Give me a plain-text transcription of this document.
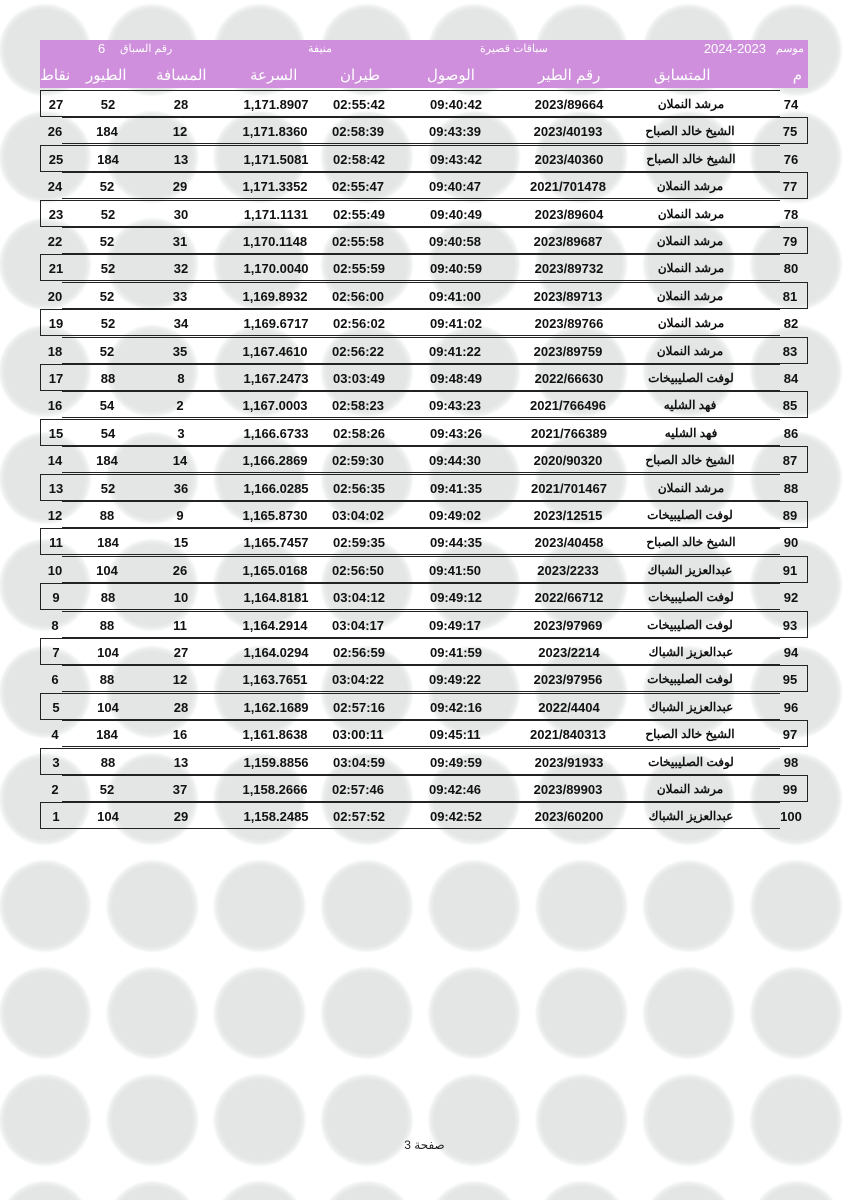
موسم
2024-2023
سباقات قصيرة
منيفة
رقم السباق
6
م
المتسابق
رقم الطير
الوصول
طيران
السرعة
المسافة
الطيور
نقاط
74
مرشد النملان
2023/89664
09:40:42
02:55:42
1,171.8907
28
52
27
75
الشيخ خالد الصباح
2023/40193
09:43:39
02:58:39
1,171.8360
12
184
26
76
الشيخ خالد الصباح
2023/40360
09:43:42
02:58:42
1,171.5081
13
184
25
77
مرشد النملان
2021/701478
09:40:47
02:55:47
1,171.3352
29
52
24
78
مرشد النملان
2023/89604
09:40:49
02:55:49
1,171.1131
30
52
23
79
مرشد النملان
2023/89687
09:40:58
02:55:58
1,170.1148
31
52
22
80
مرشد النملان
2023/89732
09:40:59
02:55:59
1,170.0040
32
52
21
81
مرشد النملان
2023/89713
09:41:00
02:56:00
1,169.8932
33
52
20
82
مرشد النملان
2023/89766
09:41:02
02:56:02
1,169.6717
34
52
19
83
مرشد النملان
2023/89759
09:41:22
02:56:22
1,167.4610
35
52
18
84
لوفت الصليبيخات
2022/66630
09:48:49
03:03:49
1,167.2473
8
88
17
85
فهد الشليه
2021/766496
09:43:23
02:58:23
1,167.0003
2
54
16
86
فهد الشليه
2021/766389
09:43:26
02:58:26
1,166.6733
3
54
15
87
الشيخ خالد الصباح
2020/90320
09:44:30
02:59:30
1,166.2869
14
184
14
88
مرشد النملان
2021/701467
09:41:35
02:56:35
1,166.0285
36
52
13
89
لوفت الصليبيخات
2023/12515
09:49:02
03:04:02
1,165.8730
9
88
12
90
الشيخ خالد الصباح
2023/40458
09:44:35
02:59:35
1,165.7457
15
184
11
91
عبدالعزيز الشباك
2023/2233
09:41:50
02:56:50
1,165.0168
26
104
10
92
لوفت الصليبيخات
2022/66712
09:49:12
03:04:12
1,164.8181
10
88
9
93
لوفت الصليبيخات
2023/97969
09:49:17
03:04:17
1,164.2914
11
88
8
94
عبدالعزيز الشباك
2023/2214
09:41:59
02:56:59
1,164.0294
27
104
7
95
لوفت الصليبيخات
2023/97956
09:49:22
03:04:22
1,163.7651
12
88
6
96
عبدالعزيز الشباك
2022/4404
09:42:16
02:57:16
1,162.1689
28
104
5
97
الشيخ خالد الصباح
2021/840313
09:45:11
03:00:11
1,161.8638
16
184
4
98
لوفت الصليبيخات
2023/91933
09:49:59
03:04:59
1,159.8856
13
88
3
99
مرشد النملان
2023/89903
09:42:46
02:57:46
1,158.2666
37
52
2
100
عبدالعزيز الشباك
2023/60200
09:42:52
02:57:52
1,158.2485
29
104
1
صفحة 3
